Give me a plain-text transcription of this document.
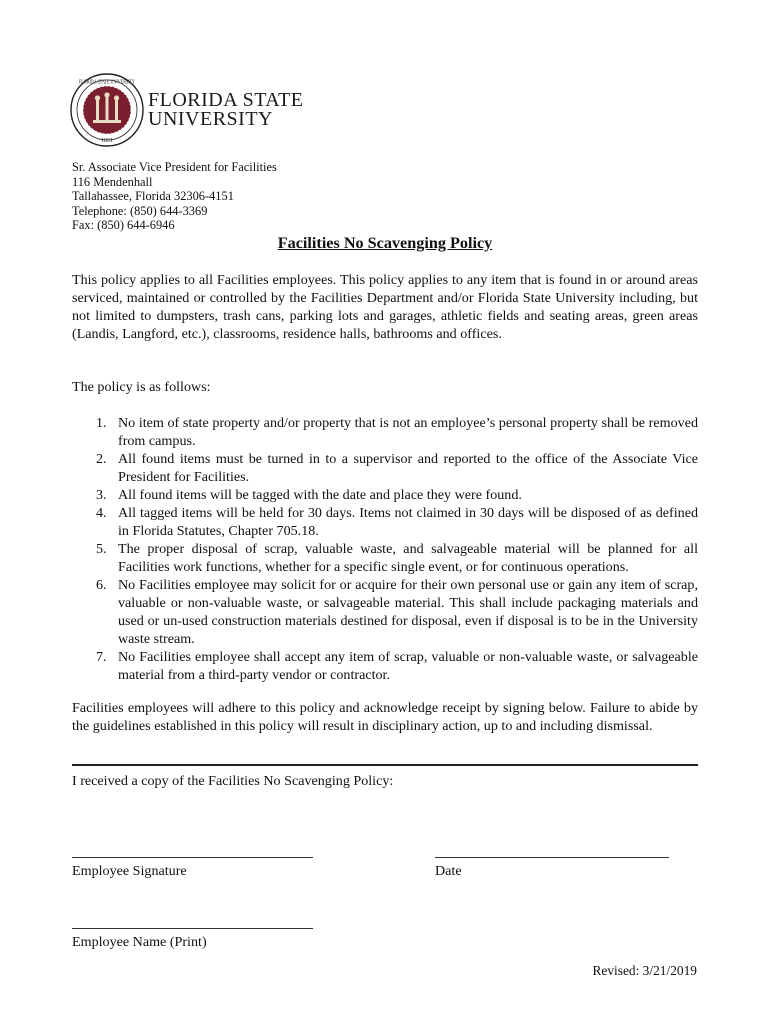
FLORIDA STATE UNIVERSITY
1851
FLORIDA STATE
UNIVERSITY
Sr. Associate Vice President for Facilities
116 Mendenhall
Tallahassee, Florida 32306-4151
Telephone: (850) 644-3369
Fax: (850) 644-6946
Facilities No Scavenging Policy
This policy applies to all Facilities employees. This policy applies to any item that is found in or around areas serviced, maintained or controlled by the Facilities Department and/or Florida State University including, but not limited to dumpsters, trash cans, parking lots and garages, athletic fields and seating areas, green areas (Landis, Langford, etc.), classrooms, residence halls, bathrooms and offices.
The policy is as follows:
1. No item of state property and/or property that is not an employee’s personal property shall be removed from campus.
2. All found items must be turned in to a supervisor and reported to the office of the Associate Vice President for Facilities.
3. All found items will be tagged with the date and place they were found.
4. All tagged items will be held for 30 days. Items not claimed in 30 days will be disposed of as defined in Florida Statutes, Chapter 705.18.
5. The proper disposal of scrap, valuable waste, and salvageable material will be planned for all Facilities work functions, whether for a specific single event, or for continuous operations.
6. No Facilities employee may solicit for or acquire for their own personal use or gain any item of scrap, valuable or non-valuable waste, or salvageable material. This shall include packaging materials and used or un-used construction materials destined for disposal, even if disposal is to be in the University waste stream.
7. No Facilities employee shall accept any item of scrap, valuable or non-valuable waste, or salvageable material from a third-party vendor or contractor.
Facilities employees will adhere to this policy and acknowledge receipt by signing below. Failure to abide by the guidelines established in this policy will result in disciplinary action, up to and including dismissal.
I received a copy of the Facilities No Scavenging Policy:
Employee Signature	Date
Employee Name (Print)
Revised: 3/21/2019
